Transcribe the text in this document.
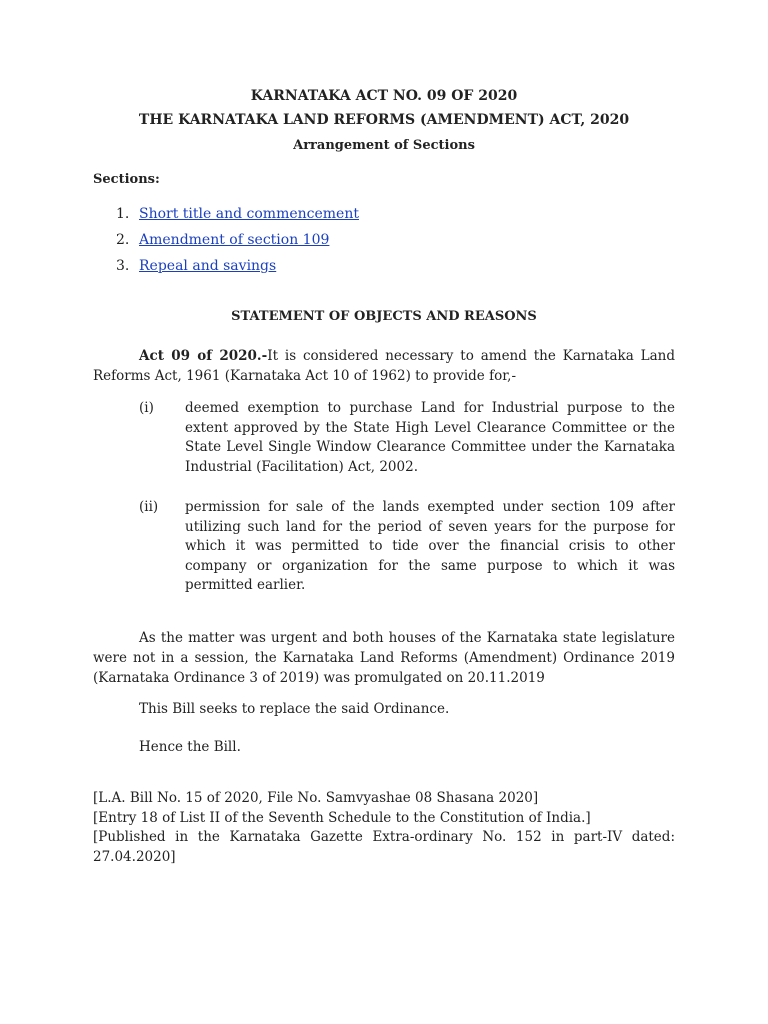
KARNATAKA ACT NO. 09 OF 2020
THE KARNATAKA LAND REFORMS (AMENDMENT) ACT, 2020
Arrangement of Sections
Sections:
1. Short title and commencement
2. Amendment of section 109
3. Repeal and savings
STATEMENT OF OBJECTS AND REASONS
Act 09 of 2020.-It is considered necessary to amend the Karnataka Land Reforms Act, 1961 (Karnataka Act 10 of 1962) to provide for,-
(i) deemed exemption to purchase Land for Industrial purpose to the extent approved by the State High Level Clearance Committee or the State Level Single Window Clearance Committee under the Karnataka Industrial (Facilitation) Act, 2002.
(ii) permission for sale of the lands exempted under section 109 after utilizing such land for the period of seven years for the purpose for which it was permitted to tide over the financial crisis to other company or organization for the same purpose to which it was permitted earlier.
As the matter was urgent and both houses of the Karnataka state legislature were not in a session, the Karnataka Land Reforms (Amendment) Ordinance 2019 (Karnataka Ordinance 3 of 2019) was promulgated on 20.11.2019
This Bill seeks to replace the said Ordinance.
Hence the Bill.
[L.A. Bill No. 15 of 2020, File No. Samvyashae 08 Shasana 2020]
[Entry 18 of List II of the Seventh Schedule to the Constitution of India.]
[Published in the Karnataka Gazette Extra-ordinary No. 152 in part-IV dated: 27.04.2020]
